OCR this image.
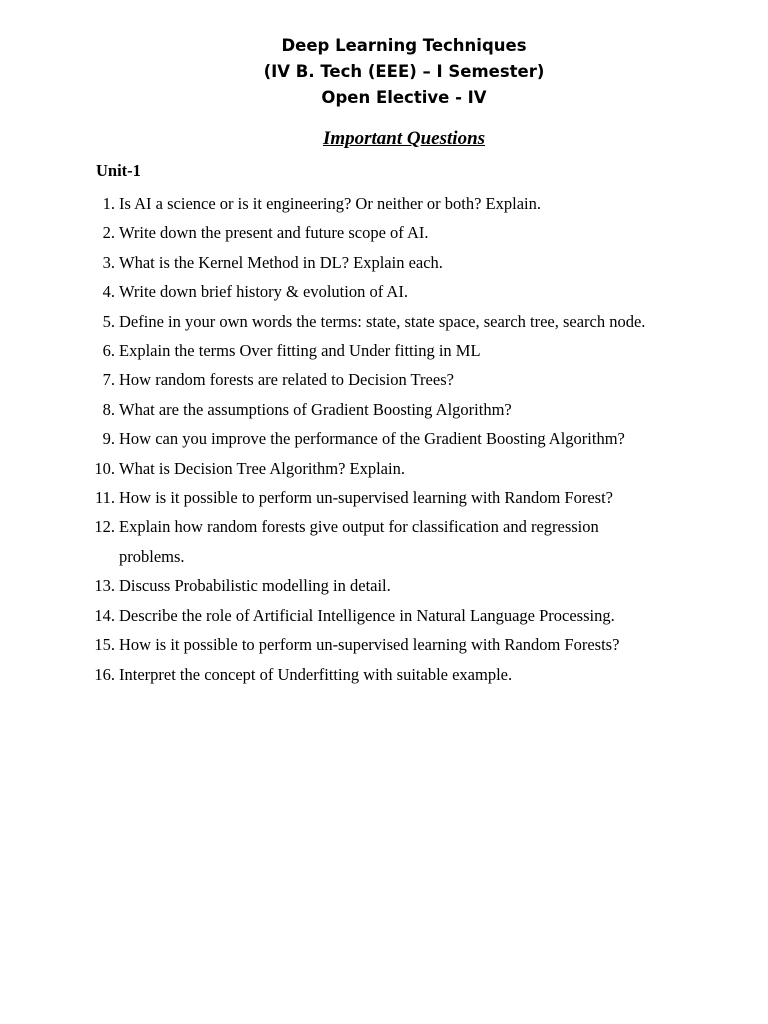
Deep Learning Techniques
(IV B. Tech (EEE) – I Semester)
Open Elective - IV
Important Questions
Unit-1
1. Is AI a science or is it engineering? Or neither or both? Explain.
2. Write down the present and future scope of AI.
3. What is the Kernel Method in DL? Explain each.
4. Write down brief history & evolution of AI.
5. Define in your own words the terms: state, state space, search tree, search node.
6. Explain the terms Over fitting and Under fitting in ML
7. How random forests are related to Decision Trees?
8. What are the assumptions of Gradient Boosting Algorithm?
9. How can you improve the performance of the Gradient Boosting Algorithm?
10. What is Decision Tree Algorithm? Explain.
11. How is it possible to perform un-supervised learning with Random Forest?
12. Explain how random forests give output for classification and regression problems.
13. Discuss Probabilistic modelling in detail.
14. Describe the role of Artificial Intelligence in Natural Language Processing.
15. How is it possible to perform un-supervised learning with Random Forests?
16. Interpret the concept of Underfitting with suitable example.
